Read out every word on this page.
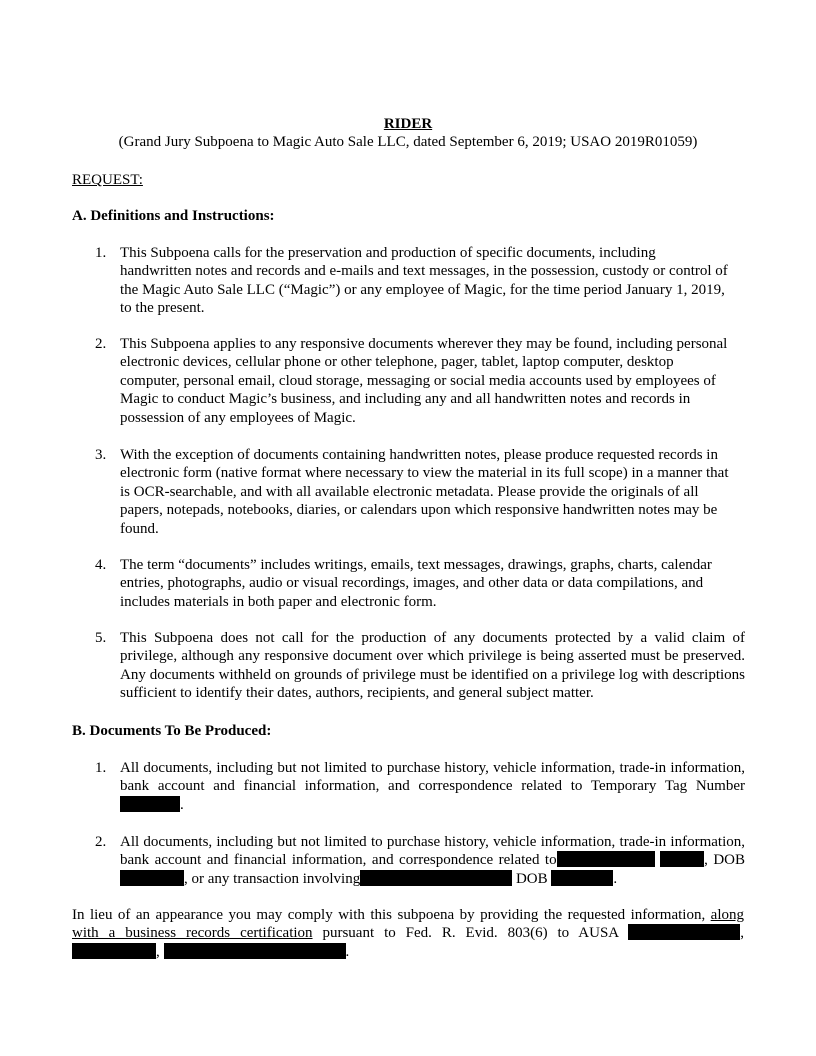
RIDER

(Grand Jury Subpoena to Magic Auto Sale LLC, dated September 6, 2019; USAO 2019R01059)

REQUEST:

A. Definitions and Instructions:

1. This Subpoena calls for the preservation and production of specific documents, including handwritten notes and records and e-mails and text messages, in the possession, custody or control of the Magic Auto Sale LLC (“Magic”) or any employee of Magic, for the time period January 1, 2019, to the present.

2. This Subpoena applies to any responsive documents wherever they may be found, including personal electronic devices, cellular phone or other telephone, pager, tablet, laptop computer, desktop computer, personal email, cloud storage, messaging or social media accounts used by employees of Magic to conduct Magic’s business, and including any and all handwritten notes and records in possession of any employees of Magic.

3. With the exception of documents containing handwritten notes, please produce requested records in electronic form (native format where necessary to view the material in its full scope) in a manner that is OCR-searchable, and with all available electronic metadata. Please provide the originals of all papers, notepads, notebooks, diaries, or calendars upon which responsive handwritten notes may be found.

4. The term “documents” includes writings, emails, text messages, drawings, graphs, charts, calendar entries, photographs, audio or visual recordings, images, and other data or data compilations, and includes materials in both paper and electronic form.

5. This Subpoena does not call for the production of any documents protected by a valid claim of privilege, although any responsive document over which privilege is being asserted must be preserved. Any documents withheld on grounds of privilege must be identified on a privilege log with descriptions sufficient to identify their dates, authors, recipients, and general subject matter.

B. Documents To Be Produced:

1. All documents, including but not limited to purchase history, vehicle information, trade-in information, bank account and financial information, and correspondence related to Temporary Tag Number.

2. All documents, including but not limited to purchase history, vehicle information, trade-in information, bank account and financial information, and correspondence related to	, DOB , or any transaction involving	DOB	.

In lieu of an appearance you may comply with this subpoena by providing the requested information, along with a business records certification pursuant to Fed. R. Evid. 803(6) to AUSA	, ,	.
